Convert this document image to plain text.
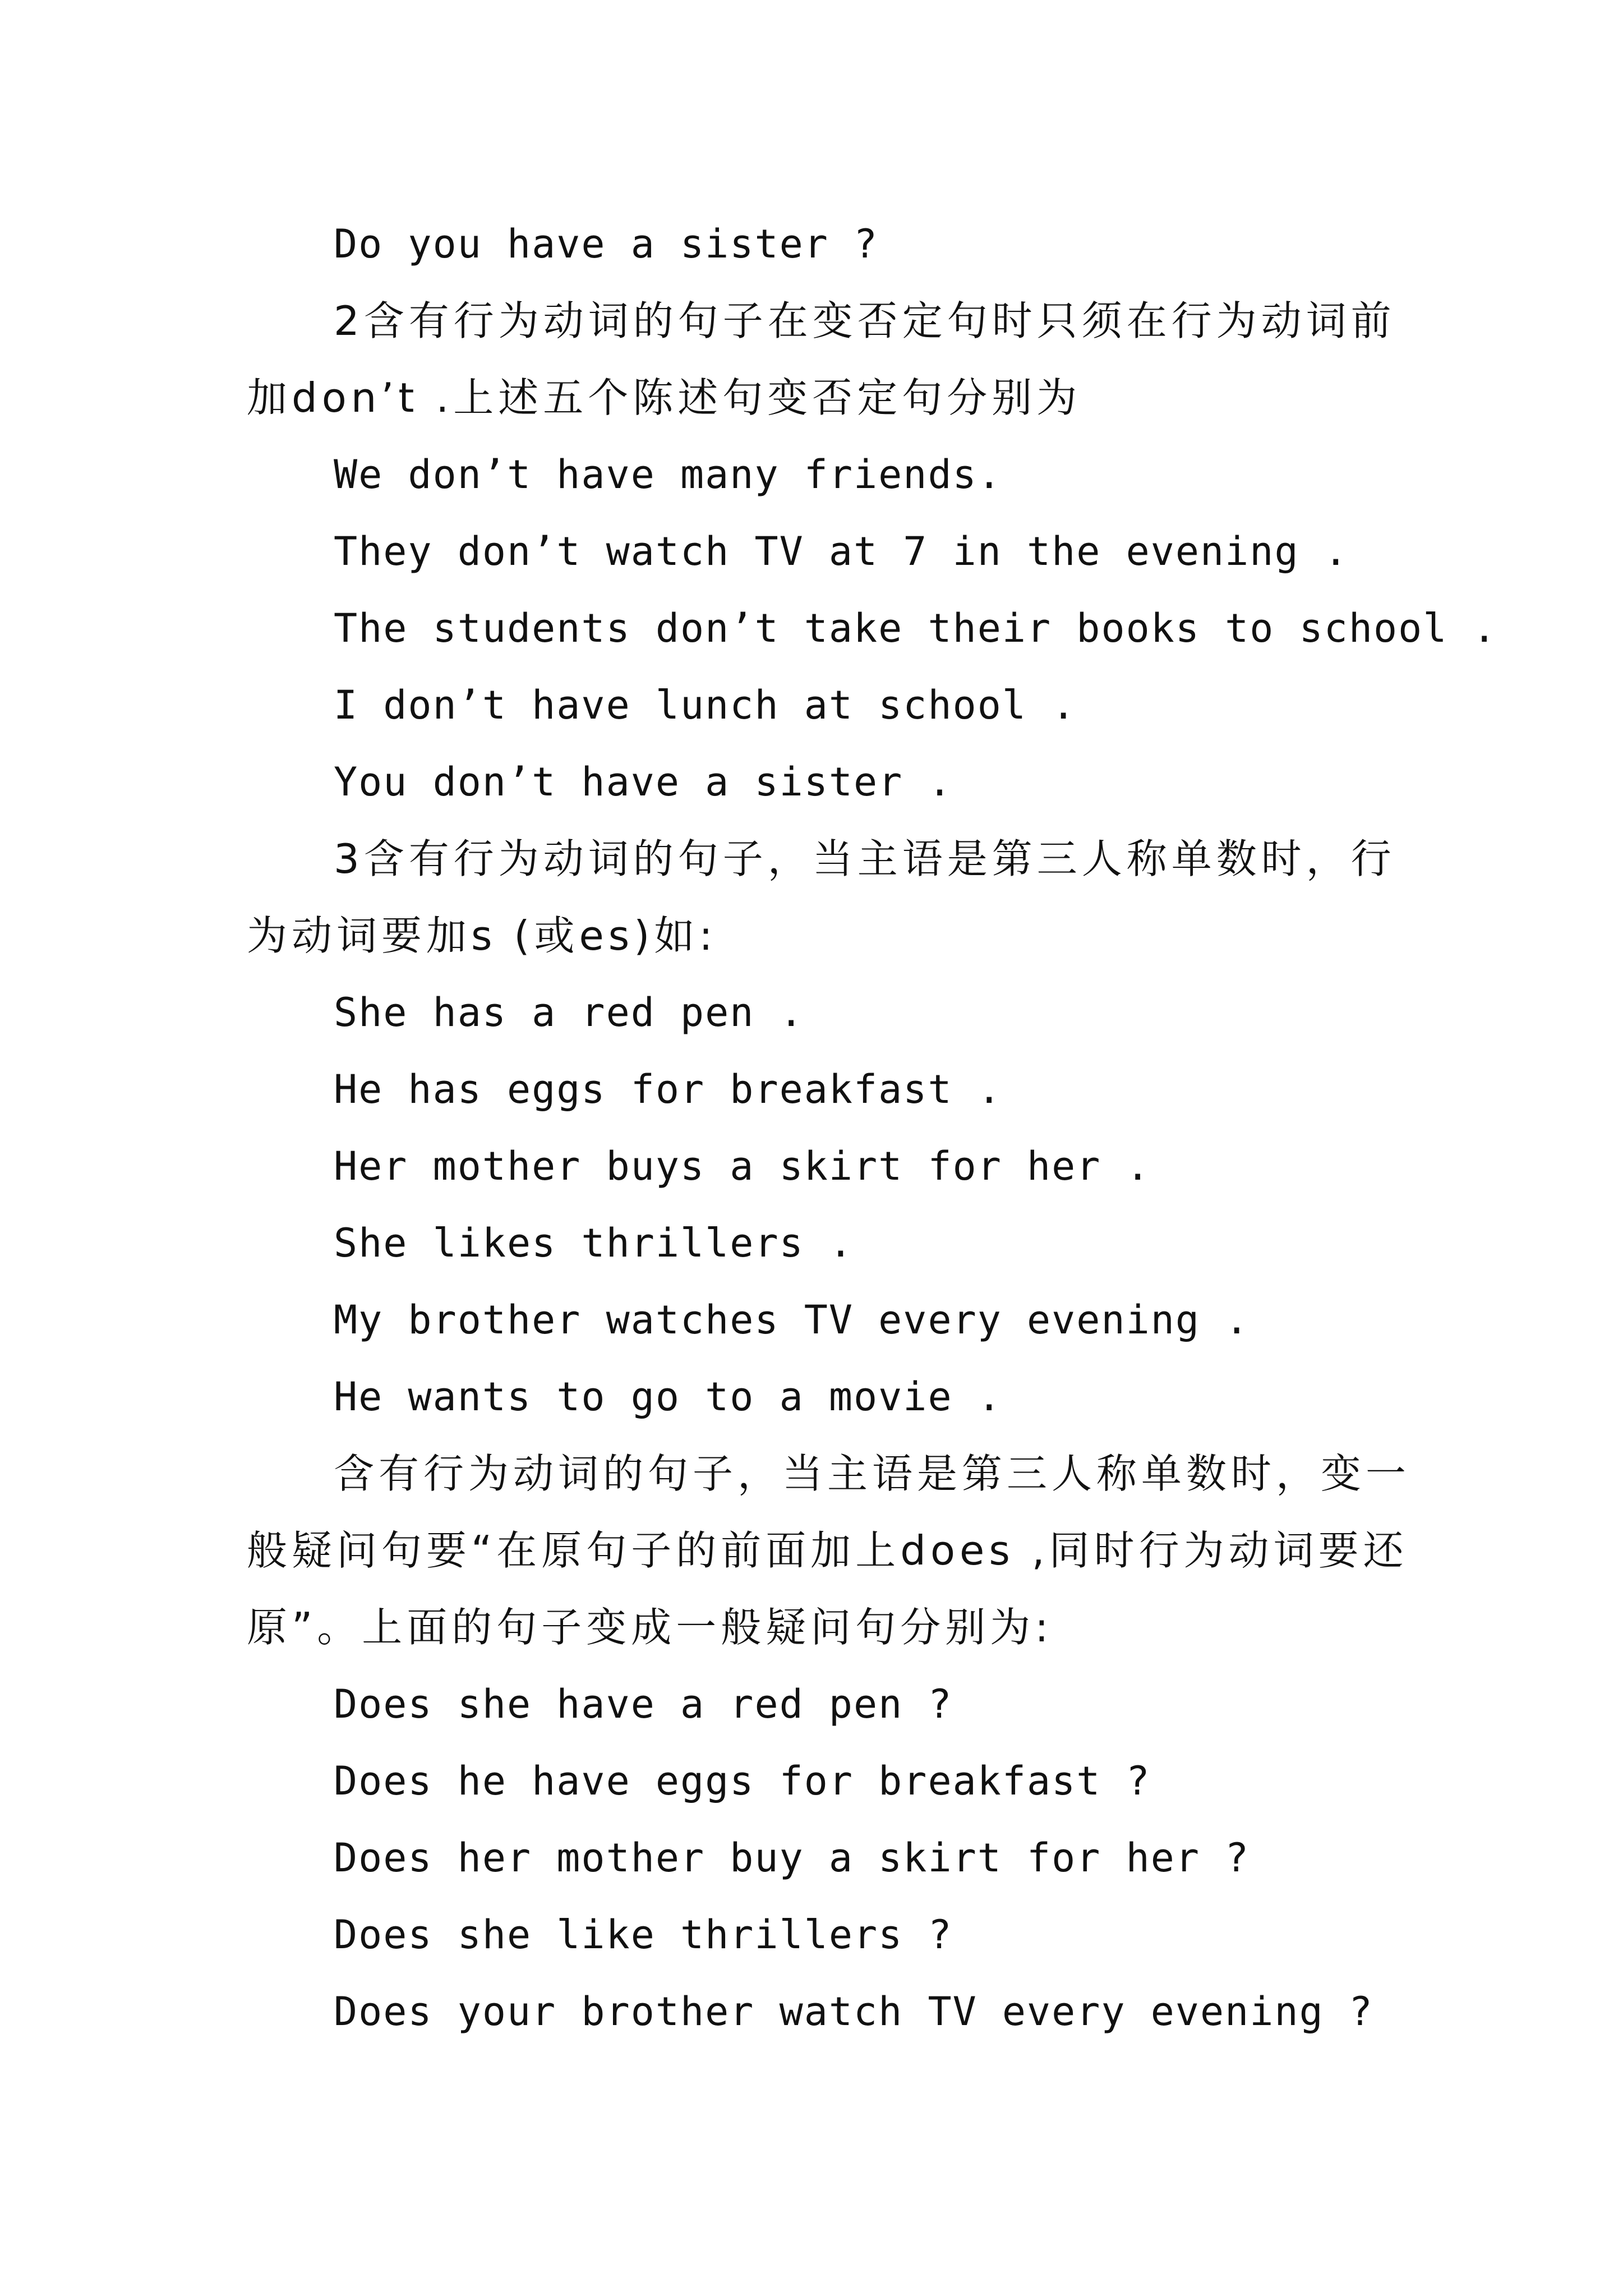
Do you have a sister ?
2含有行为动词的句子在变否定句时只须在行为动词前
加don’t .上述五个陈述句变否定句分别为
We don’t have many friends.
They don’t watch TV at 7 in the evening .
The students don’t take their books to school .
I don’t have lunch at school .
You don’t have a sister .
3含有行为动词的句子，当主语是第三人称单数时，行
为动词要加s (或es)如:
She has a red pen .
He has eggs for breakfast .
Her mother buys a skirt for her .
She likes thrillers .
My brother watches TV every evening .
He wants to go to a movie .
含有行为动词的句子，当主语是第三人称单数时，变一
般疑问句要“在原句子的前面加上does ,同时行为动词要还
原”。上面的句子变成一般疑问句分别为:
Does she have a red pen ?
Does he have eggs for breakfast ?
Does her mother buy a skirt for her ?
Does she like thrillers ?
Does your brother watch TV every evening ?
